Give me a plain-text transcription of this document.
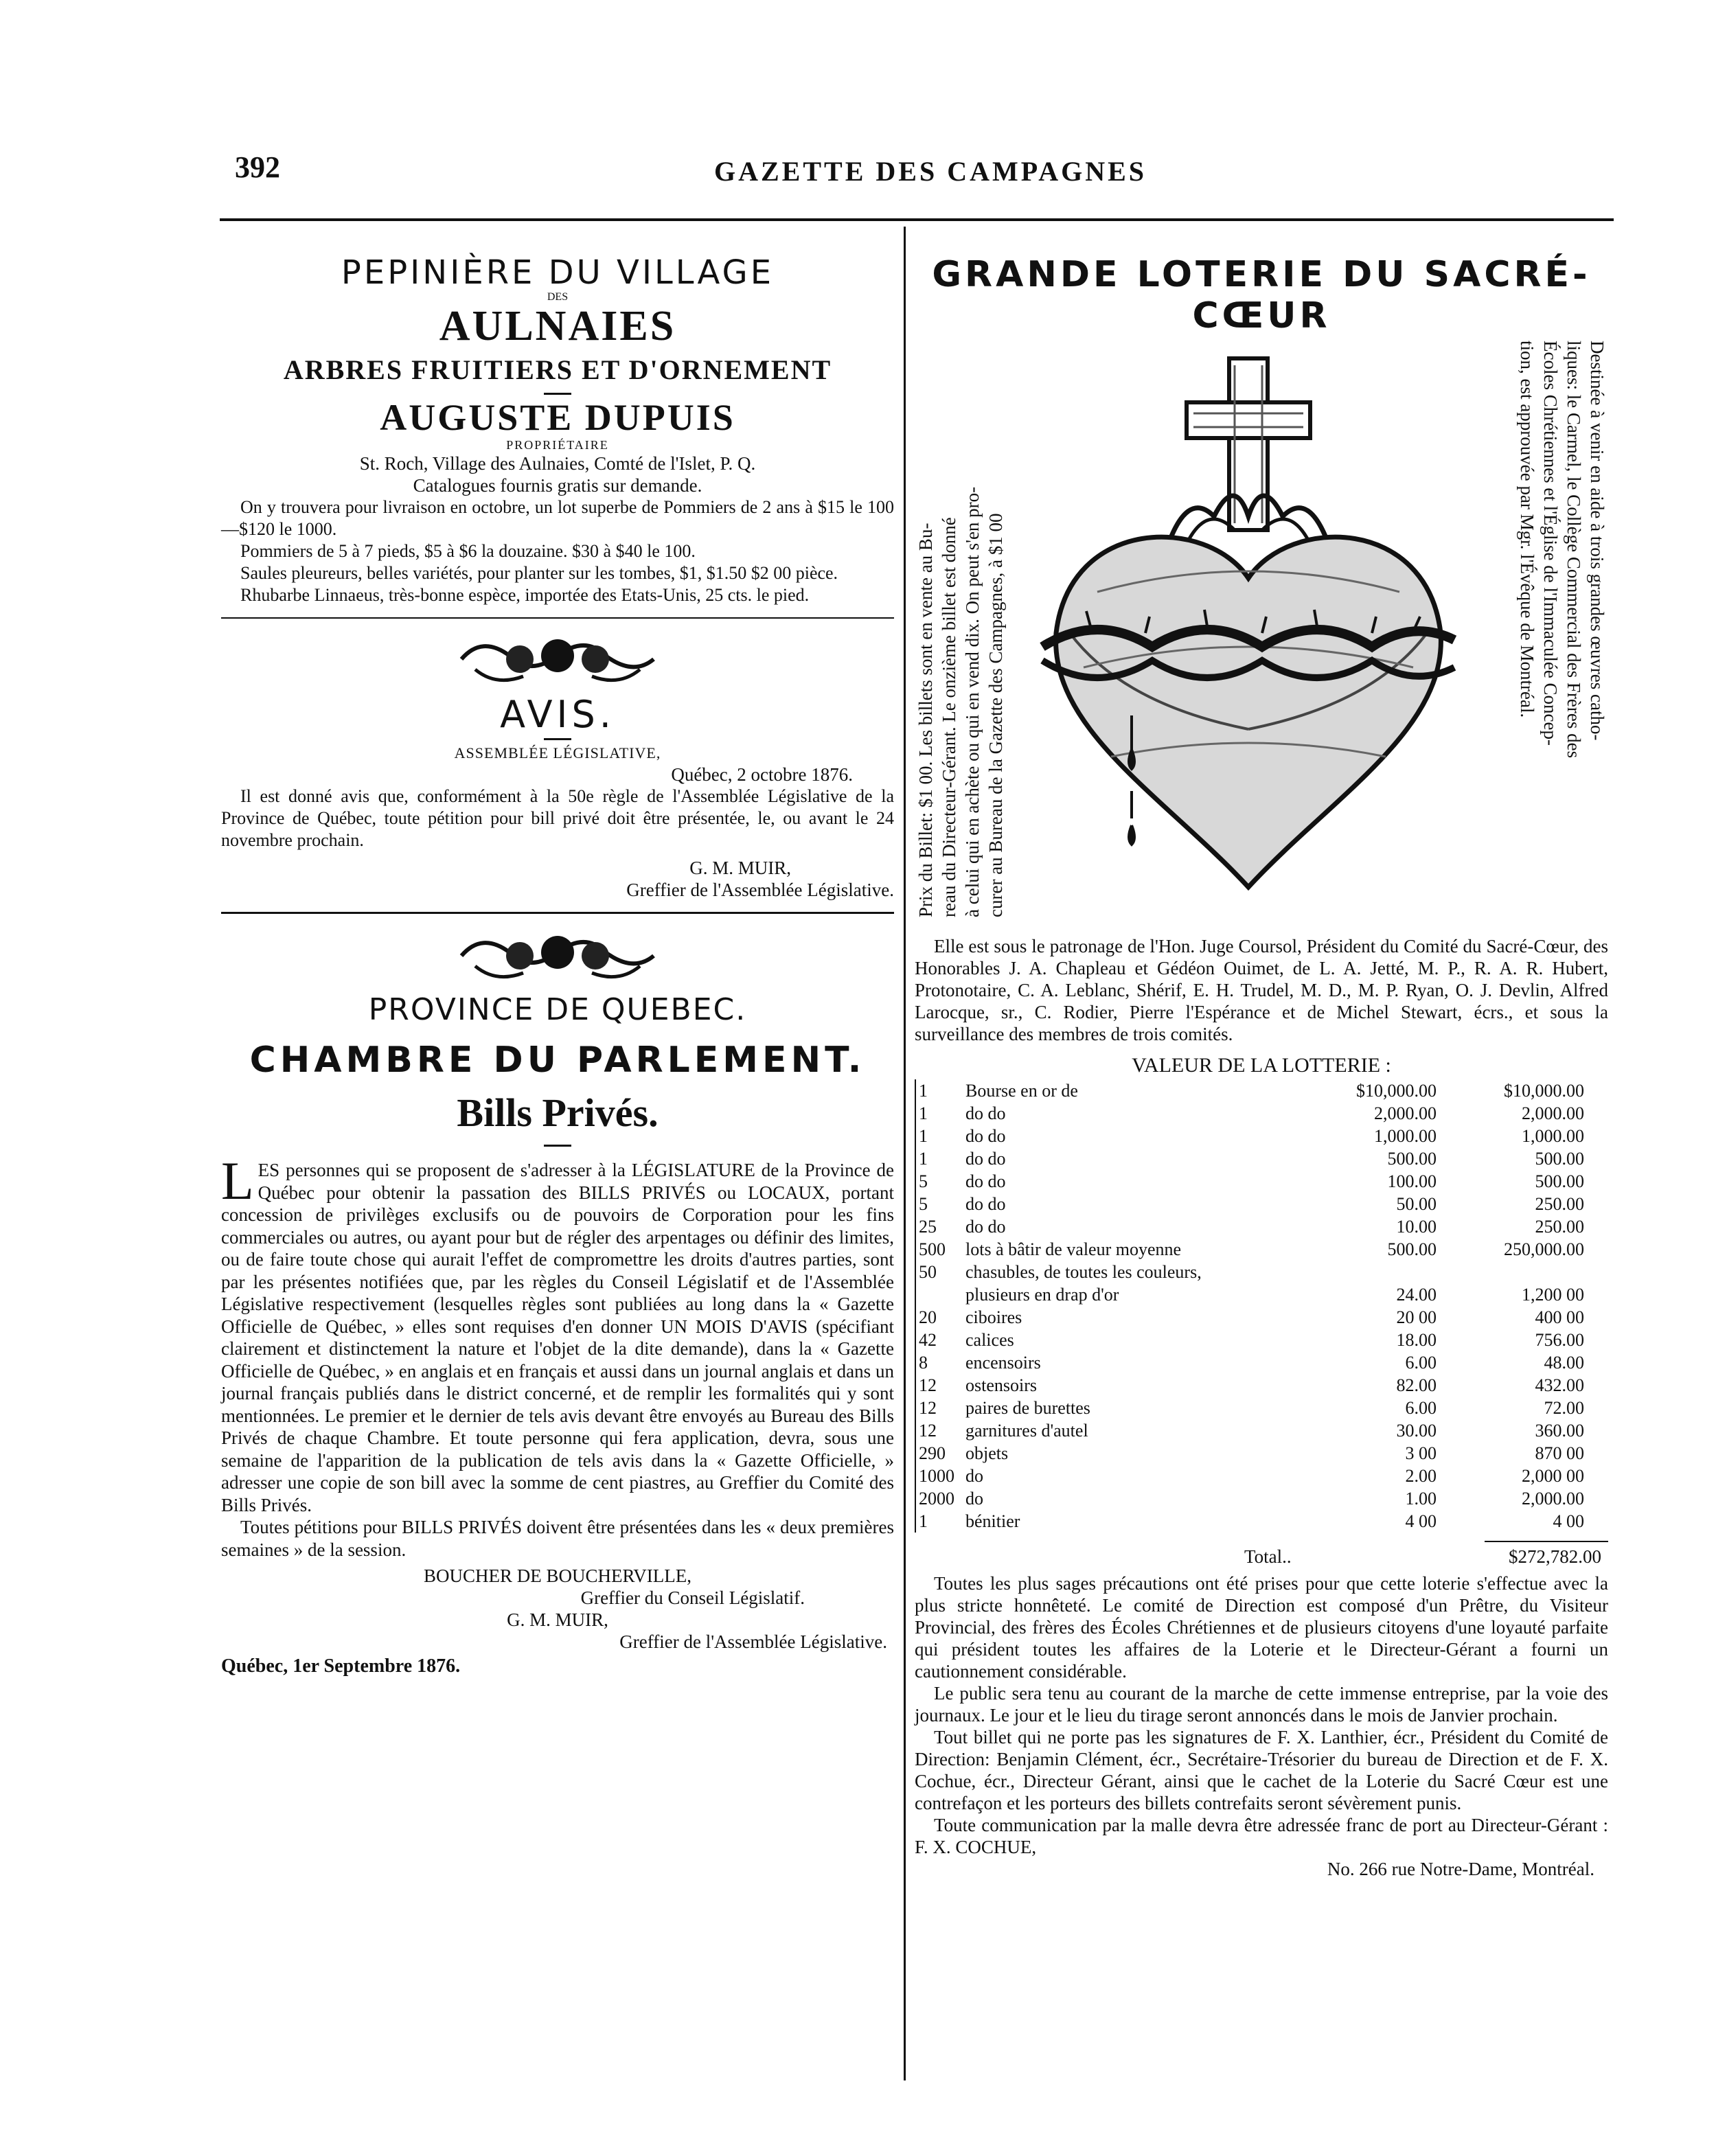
392	GAZETTE DES CAMPAGNES

PEPINIÈRE DU VILLAGE

DES

AULNAIES

ARBRES FRUITIERS ET D'ORNEMENT

AUGUSTE DUPUIS

PROPRIÉTAIRE

St. Roch, Village des Aulnaies, Comté de l'Islet, P. Q.

Catalogues fournis gratis sur demande.

On y trouvera pour livraison en octobre, un lot superbe de Pommiers de 2 ans à $15 le 100—$120 le 1000.

Pommiers de 5 à 7 pieds, $5 à $6 la douzaine. $30 à $40 le 100.

Saules pleureurs, belles variétés, pour planter sur les tombes, $1, $1.50 $2 00 pièce.

Rhubarbe Linnaeus, très-bonne espèce, importée des Etats-Unis, 25 cts. le pied.

AVIS.

ASSEMBLÉE LÉGISLATIVE,

Québec, 2 octobre 1876.

Il est donné avis que, conformément à la 50e règle de l'Assemblée Législative de la Province de Québec, toute pétition pour bill privé doit être présentée, le, ou avant le 24 novembre prochain.

G. M. MUIR,

Greffier de l'Assemblée Législative.

PROVINCE DE QUEBEC.

CHAMBRE DU PARLEMENT.

Bills Privés.

LES personnes qui se proposent de s'adresser à la LÉGISLATURE de la Province de Québec pour obtenir la passation des BILLS PRIVÉS ou LOCAUX, portant concession de privilèges exclusifs ou de pouvoirs de Corporation pour les fins commerciales ou autres, ou ayant pour but de régler des arpentages ou définir des limites, ou de faire toute chose qui aurait l'effet de compromettre les droits d'autres parties, sont par les présentes notifiées que, par les règles du Conseil Législatif et de l'Assemblée Législative respectivement (lesquelles règles sont publiées au long dans la « Gazette Officielle de Québec, » elles sont requises d'en donner UN MOIS D'AVIS (spécifiant clairement et distinctement la nature et l'objet de la dite demande), dans la « Gazette Officielle de Québec, » en anglais et en français et aussi dans un journal anglais et dans un journal français publiés dans le district concerné, et de remplir les formalités qui y sont mentionnées. Le premier et le dernier de tels avis devant être envoyés au Bureau des Bills Privés de chaque Chambre. Et toute personne qui fera application, devra, sous une semaine de l'apparition de la publication de tels avis dans la « Gazette Officielle, » adresser une copie de son bill avec la somme de cent piastres, au Greffier du Comité des Bills Privés.

Toutes pétitions pour BILLS PRIVÉS doivent être présentées dans les « deux premières semaines » de la session.

BOUCHER DE BOUCHERVILLE,

Greffier du Conseil Législatif.

G. M. MUIR,

Greffier de l'Assemblée Législative.

Québec, 1er Septembre 1876.

GRANDE LOTERIE DU SACRÉ-CŒUR

Prix du Billet: $1 00. Les billets sont en vente au Bu- reau du Directeur-Gérant. Le onzième billet est donné à celui qui en achète ou qui en vend dix. On peut s'en pro- curer au Bureau de la Gazette des Campagnes, à $1 00	Destinée à venir en aide à trois grandes œuvres catho-
liques: le Carmel, le Collège Commercial des Frères des
Écoles Chrétiennes et l'Église de l'Immaculée Concep-
tion, est approuvée par Mgr. l'Évêque de Montréal.

Elle est sous le patronage de l'Hon. Juge Coursol, Président du Comité du Sacré-Cœur, des Honorables J. A. Chapleau et Gédéon Ouimet, de L. A. Jetté, M. P., R. A. R. Hubert, Protonotaire, C. A. Leblanc, Shérif, E. H. Trudel, M. D., M. P. Ryan, O. J. Devlin, Alfred Larocque, sr., C. Rodier, Pierre l'Espérance et de Michel Stewart, écrs., et sous la surveillance des membres de trois comités.

VALEUR DE LA LOTTERIE :

1	Bourse en or de	$10,000.00	$10,000.00
1	do do	2,000.00	2,000.00
1	do do	1,000.00	1,000.00
1	do do	500.00	500.00
5	do do	100.00	500.00
5	do do	50.00	250.00
25	do do	10.00	250.00
500	lots à bâtir de valeur moyenne	500.00	250,000.00
50	chasubles, de toutes les couleurs,		
	plusieurs en drap d'or	24.00	1,200 00
20	ciboires	20 00	400 00
42	calices	18.00	756.00
8	encensoirs	6.00	48.00
12	ostensoirs	82.00	432.00
12	paires de burettes	6.00	72.00
12	garnitures d'autel	30.00	360.00
290	objets	3 00	870 00
1000	do	2.00	2,000 00
2000	do	1.00	2,000.00
1	bénitier	4 00	4 00
Total..	$272,782.00

Toutes les plus sages précautions ont été prises pour que cette loterie s'effectue avec la plus stricte honnêteté. Le comité de Direction est composé d'un Prêtre, du Visiteur Provincial, des frères des Écoles Chrétiennes et de plusieurs citoyens d'une loyauté parfaite qui président toutes les affaires de la Loterie et le Directeur-Gérant a fourni un cautionnement considérable.

Le public sera tenu au courant de la marche de cette immense entreprise, par la voie des journaux. Le jour et le lieu du tirage seront annoncés dans le mois de Janvier prochain.

Tout billet qui ne porte pas les signatures de F. X. Lanthier, écr., Président du Comité de Direction: Benjamin Clément, écr., Secrétaire-Trésorier du bureau de Direction et de F. X. Cochue, écr., Directeur Gérant, ainsi que le cachet de la Loterie du Sacré Cœur est une contrefaçon et les porteurs des billets contrefaits seront sévèrement punis.

Toute communication par la malle devra être adressée franc de port au Directeur-Gérant : F. X. COCHUE,

No. 266 rue Notre-Dame, Montréal.
